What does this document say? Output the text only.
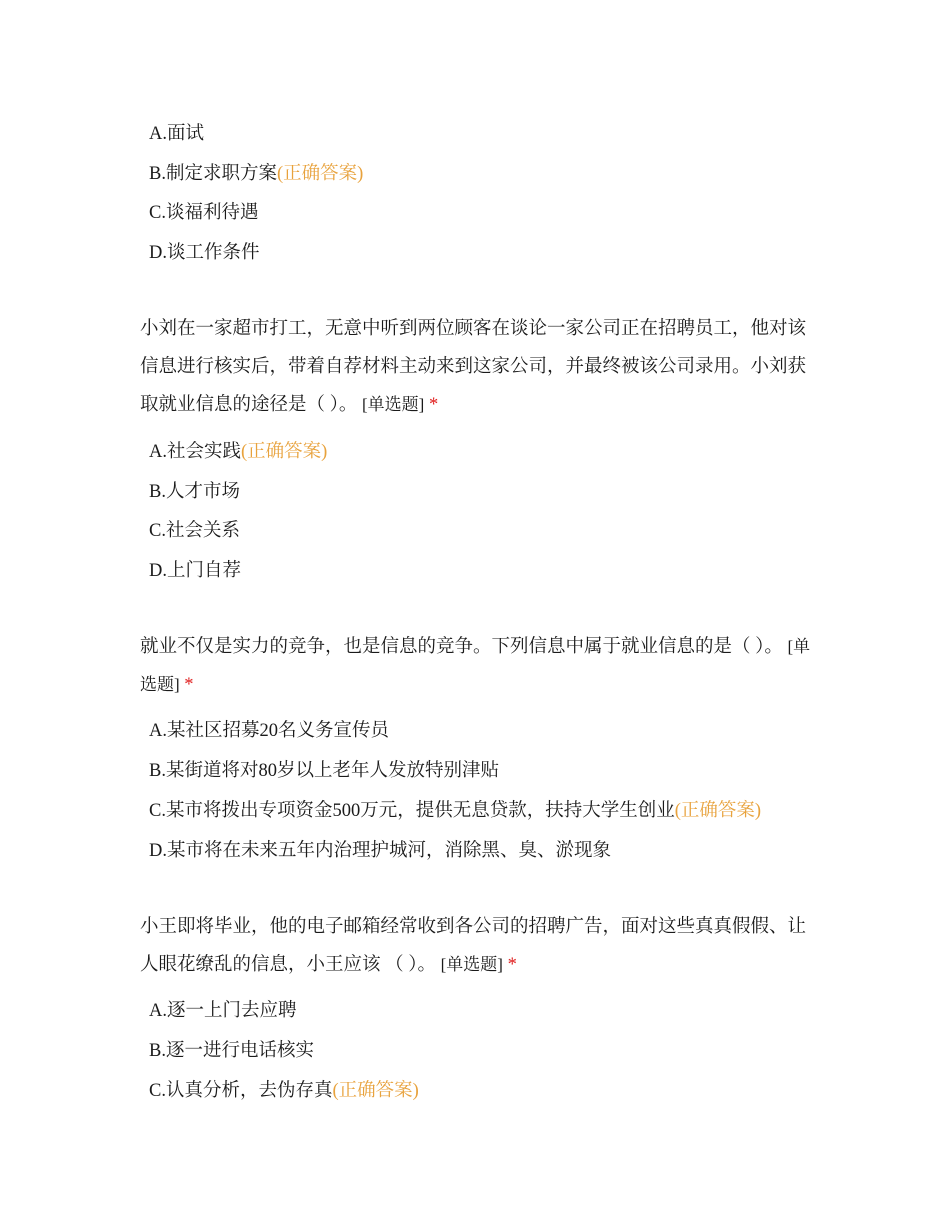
A.面试
B.制定求职方案(正确答案)
C.谈福利待遇
D.谈工作条件
小刘在一家超市打工，无意中听到两位顾客在谈论一家公司正在招聘员工，他对该信息进行核实后，带着自荐材料主动来到这家公司，并最终被该公司录用。小刘获取就业信息的途径是（ ）。 [单选题] *
A.社会实践(正确答案)
B.人才市场
C.社会关系
D.上门自荐
就业不仅是实力的竞争，也是信息的竞争。下列信息中属于就业信息的是（ ）。 [单选题] *
A.某社区招募20名义务宣传员
B.某街道将对80岁以上老年人发放特别津贴
C.某市将拨出专项资金500万元，提供无息贷款，扶持大学生创业(正确答案)
D.某市将在未来五年内治理护城河，消除黑、臭、淤现象
小王即将毕业，他的电子邮箱经常收到各公司的招聘广告，面对这些真真假假、让人眼花缭乱的信息，小王应该 （ ）。 [单选题] *
A.逐一上门去应聘
B.逐一进行电话核实
C.认真分析，去伪存真(正确答案)
